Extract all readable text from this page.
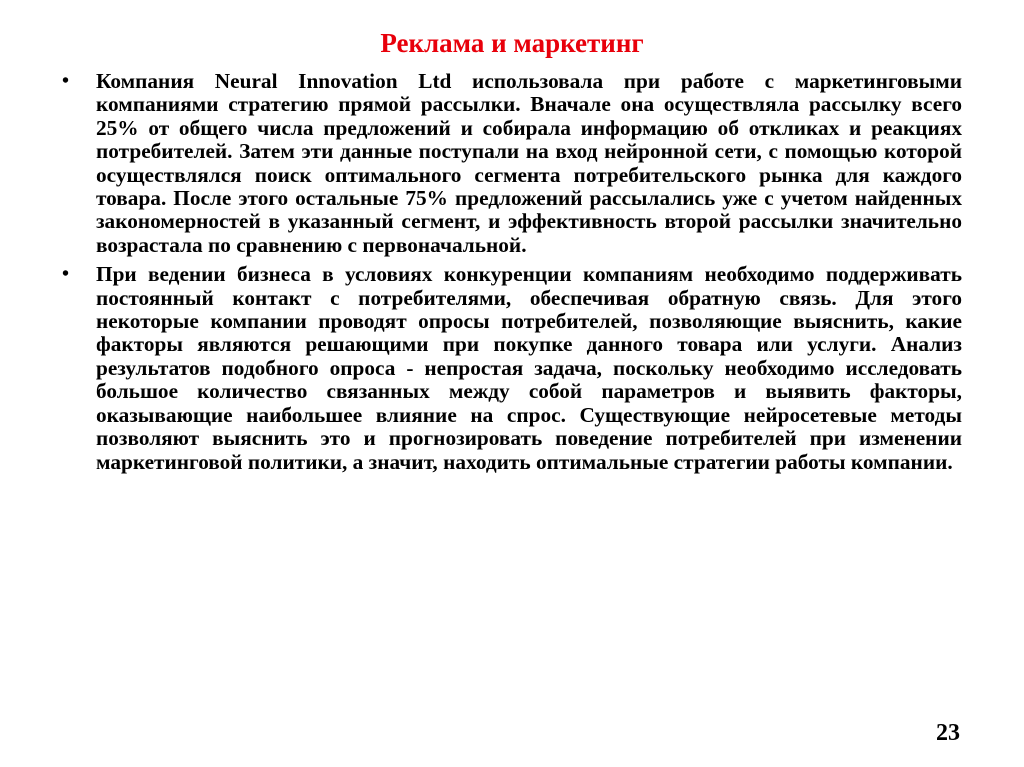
Реклама и маркетинг
• Компания Neural Innovation Ltd использовала при работе с маркетинговыми компаниями стратегию прямой рассылки. Вначале она осуществляла рассылку всего 25% от общего числа предложений и собирала информацию об откликах и реакциях потребителей. Затем эти данные поступали на вход нейронной сети, с помощью которой осуществлялся поиск оптимального сегмента потребительского рынка для каждого товара. После этого остальные 75% предложений рассылались уже с учетом найденных закономерностей в указанный сегмент, и эффективность второй рассылки значительно возрастала по сравнению с первоначальной.
• При ведении бизнеса в условиях конкуренции компаниям необходимо поддерживать постоянный контакт с потребителями, обеспечивая обратную связь. Для этого некоторые компании проводят опросы потребителей, позволяющие выяснить, какие факторы являются решающими при покупке данного товара или услуги. Анализ результатов подобного опроса - непростая задача, поскольку необходимо исследовать большое количество связанных между собой параметров и выявить факторы, оказывающие наибольшее влияние на спрос. Существующие нейросетевые методы позволяют выяснить это и прогнозировать поведение потребителей при изменении маркетинговой политики, а значит, находить оптимальные стратегии работы компании.
23
